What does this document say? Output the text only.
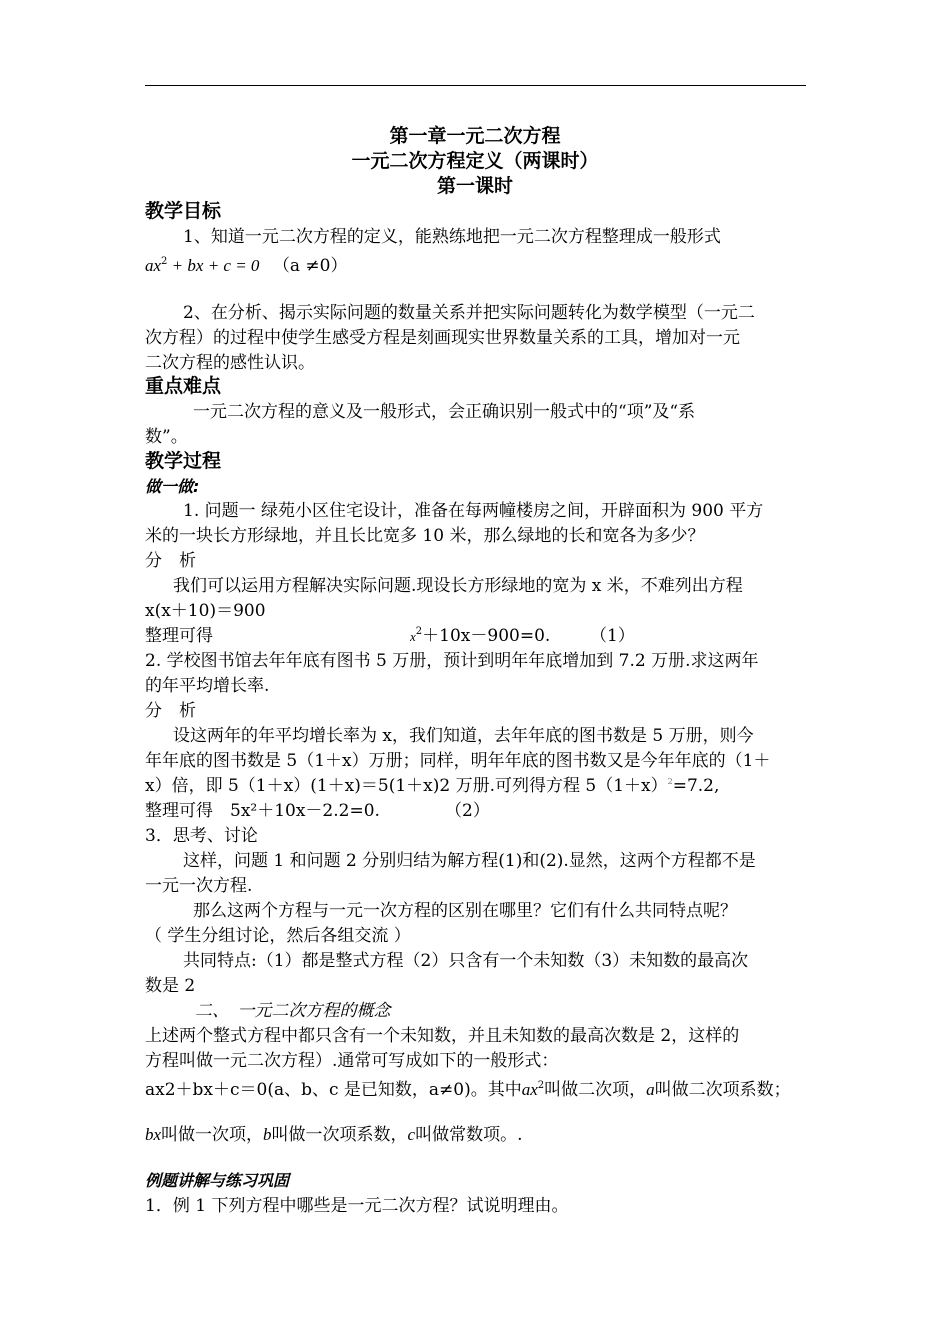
第一章一元二次方程
一元二次方程定义（两课时）
第一课时
教学目标
1、知道一元二次方程的定义，能熟练地把一元二次方程整理成一般形式
$ax^2$ + bx + c = 0 （a ≠0）
2、在分析、揭示实际问题的数量关系并把实际问题转化为数学模型（一元二
次方程）的过程中使学生感受方程是刻画现实世界数量关系的工具，增加对一元
二次方程的感性认识。
重点难点
一元二次方程的意义及一般形式，会正确识别一般式中的“项”及“系
数”。
教学过程
做一做:
1. 问题一 绿苑小区住宅设计，准备在每两幢楼房之间，开辟面积为 900 平方
米的一块长方形绿地，并且长比宽多 10 米，那么绿地的长和宽各为多少？
分　析
我们可以运用方程解决实际问题.现设长方形绿地的宽为 x 米，不难列出方程
x(x＋10)＝900
整理可得	$x^2+10x-900=0$. （1）
2. 学校图书馆去年年底有图书 5 万册，预计到明年年底增加到 7.2 万册.求这两年
的年平均增长率.
分　析
设这两年的年平均增长率为 x，我们知道，去年年底的图书数是 5 万册，则今
年年底的图书数是 5（1＋x）万册；同样，明年年底的图书数又是今年年底的（1＋
x）倍，即 5（1＋x）(1＋x)＝5(1＋x)2 万册.可列得方程 $5(1+x)^2=7.2$,
整理可得　5x²＋10x－2.2=0.	（2）
3．思考、讨论
这样，问题 1 和问题 2 分别归结为解方程(1)和(2).显然，这两个方程都不是
一元一次方程.
那么这两个方程与一元一次方程的区别在哪里？它们有什么共同特点呢？
（ 学生分组讨论，然后各组交流 ）
共同特点:（1）都是整式方程（2）只含有一个未知数（3）未知数的最高次
数是 2
二、　一元二次方程的概念
上述两个整式方程中都只含有一个未知数，并且未知数的最高次数是 2，这样的
方程叫做一元二次方程）.通常可写成如下的一般形式：
ax2＋bx＋c＝0(a、b、c 是已知数，a≠0)。其中$ax^2$叫做二次项，a叫做二次项系数；
bx叫做一次项，b叫做一次项系数，c叫做常数项。.
例题讲解与练习巩固
1．例 1 下列方程中哪些是一元二次方程？试说明理由。
